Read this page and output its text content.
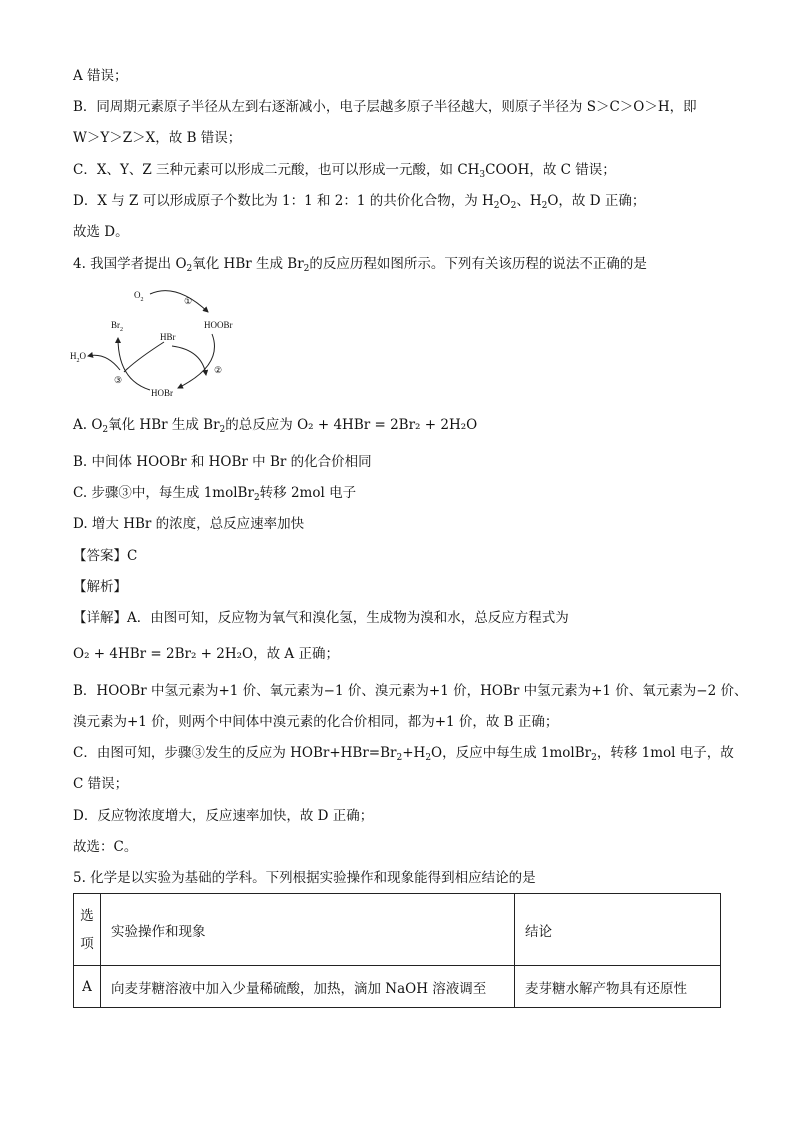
A 错误；
B．同周期元素原子半径从左到右逐渐减小，电子层越多原子半径越大，则原子半径为 S＞C＞O＞H，即
W＞Y＞Z＞X，故 B 错误；
C．X、Y、Z 三种元素可以形成二元酸，也可以形成一元酸，如 $CH_3COOH$，故 C 错误；
D．X 与 Z 可以形成原子个数比为 1：1 和 2：1 的共价化合物，为 $H_2O_2$、$H_2O$，故 D 正确；
故选 D。
4. 我国学者提出 $O_2$氧化 HBr 生成 $Br_2$的反应历程如图所示。下列有关该历程的说法不正确的是
$O_2$	①
HOOBr
$Br_2$
HBr
②
HOBr
$H_2O$
③
A. $O_2$氧化 HBr 生成 $Br_2$的总反应为 O₂ + 4HBr = 2Br₂ + 2H₂O
B. 中间体 HOOBr 和 HOBr 中 Br 的化合价相同
C. 步骤③中，每生成 1molBr$_2$转移 2mol 电子
D. 增大 HBr 的浓度，总反应速率加快
【答案】C
【解析】
【详解】A．由图可知，反应物为氧气和溴化氢，生成物为溴和水，总反应方程式为
O₂ + 4HBr = 2Br₂ + 2H₂O，故 A 正确；
B．HOOBr 中氢元素为+1 价、氧元素为−1 价、溴元素为+1 价，HOBr 中氢元素为+1 价、氧元素为−2 价、
溴元素为+1 价，则两个中间体中溴元素的化合价相同，都为+1 价，故 B 正确；
C．由图可知，步骤③发生的反应为 $HOBr+HBr=Br_2+H_2O$，反应中每生成 1molBr$_2$，转移 1mol 电子，故
C 错误；
D．反应物浓度增大，反应速率加快，故 D 正确；
故选：C。
5. 化学是以实验为基础的学科。下列根据实验操作和现象能得到相应结论的是
选
项	实验操作和现象	结论
A	向麦芽糖溶液中加入少量稀硫酸，加热，滴加 NaOH 溶液调至	麦芽糖水解产物具有还原性
